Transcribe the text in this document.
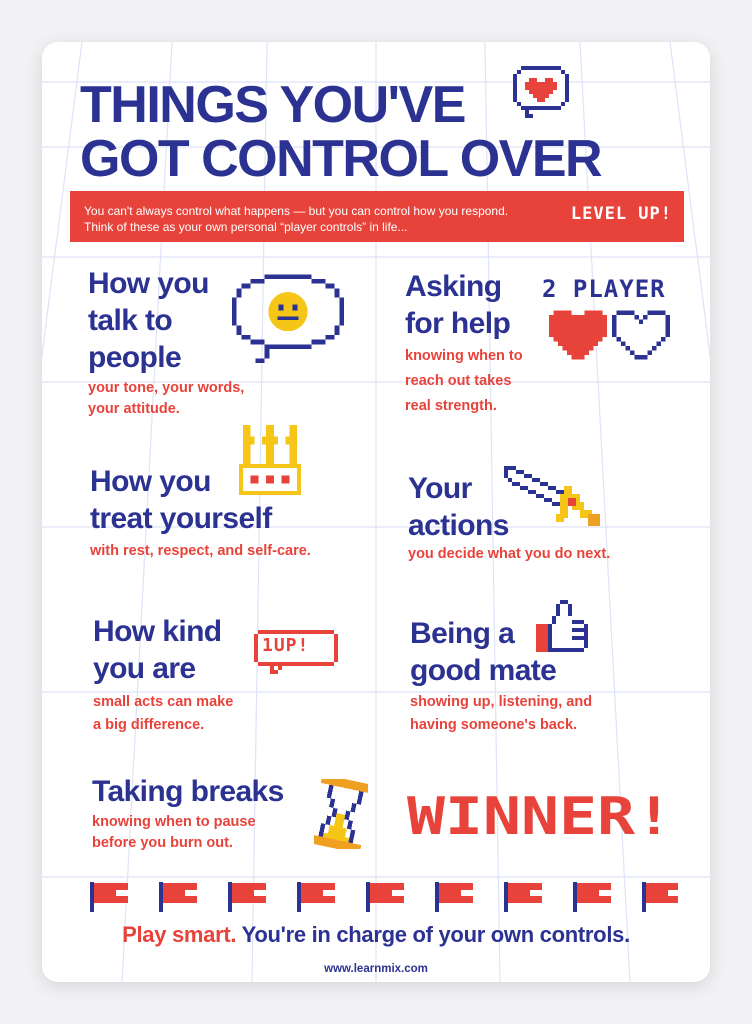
THINGS YOU'VE
GOT CONTROL OVER
You can't always control what happens — but you can control how you respond.
Think of these as your own personal “player controls” in life...
LEVEL UP!
How you
talk to
people

your tone, your words,
your attitude.

Asking
for help

knowing when to
reach out takes
real strength.

2 PLAYER
How you
treat yourself

with rest, respect, and self-care.

Your
actions

you decide what you do next.

How kind
you are

small acts can make
a big difference.

1UP!	Being a
good mate

showing up, listening, and
having someone's back.

Taking breaks

knowing when to pause
before you burn out.	WINNER!
Play smart. You're in charge of your own controls.
www.learnmix.com
